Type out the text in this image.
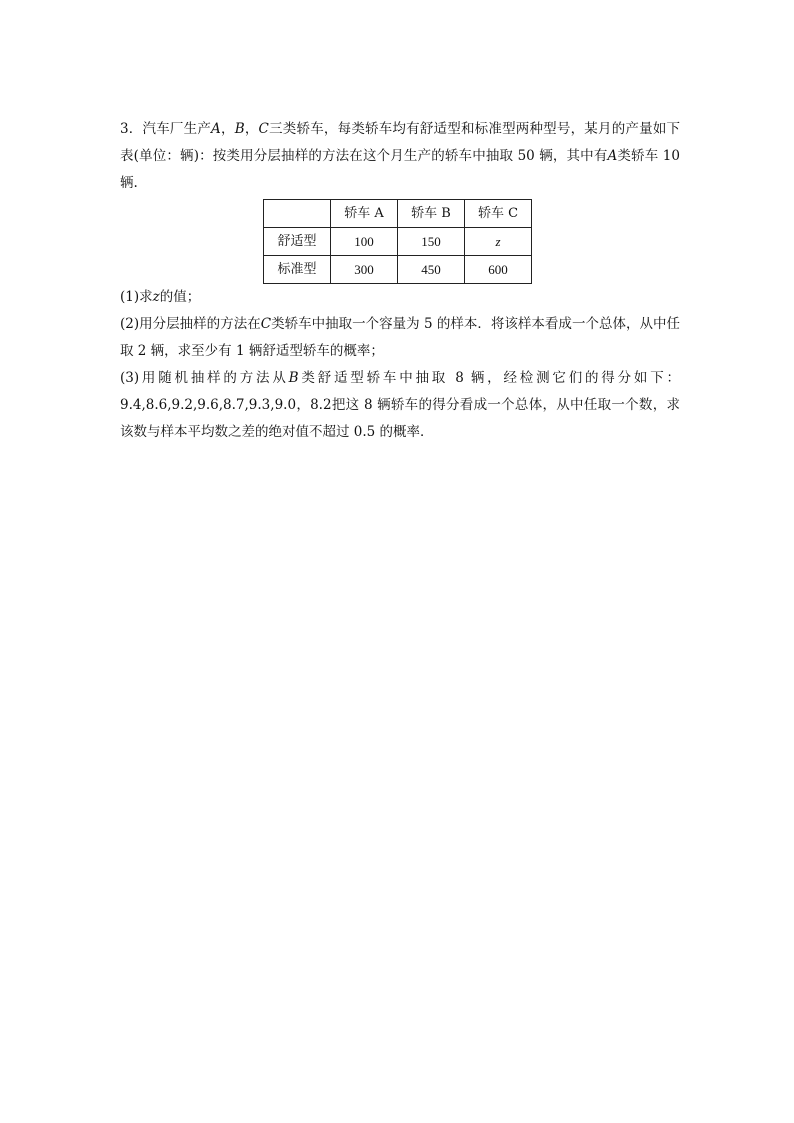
3．汽车厂生产A，B，C三类轿车，每类轿车均有舒适型和标准型两种型号，某月的产量如下表(单位：辆)：按类用分层抽样的方法在这个月生产的轿车中抽取 50 辆，其中有A类轿车 10 辆.

	轿车 A	轿车 B	轿车 C
舒适型	100	150	z
标准型	300	450	600

(1)求z的值；

(2)用分层抽样的方法在C类轿车中抽取一个容量为 5 的样本．将该样本看成一个总体，从中任取 2 辆，求至少有 1 辆舒适型轿车的概率；

(3)用随机抽样的方法从B类舒适型轿车中抽取 8 辆，经检测它们的得分如下：9.4,8.6,9.2,9.6,8.7,9.3,9.0，8.2把这 8 辆轿车的得分看成一个总体，从中任取一个数，求该数与样本平均数之差的绝对值不超过 0.5 的概率．
